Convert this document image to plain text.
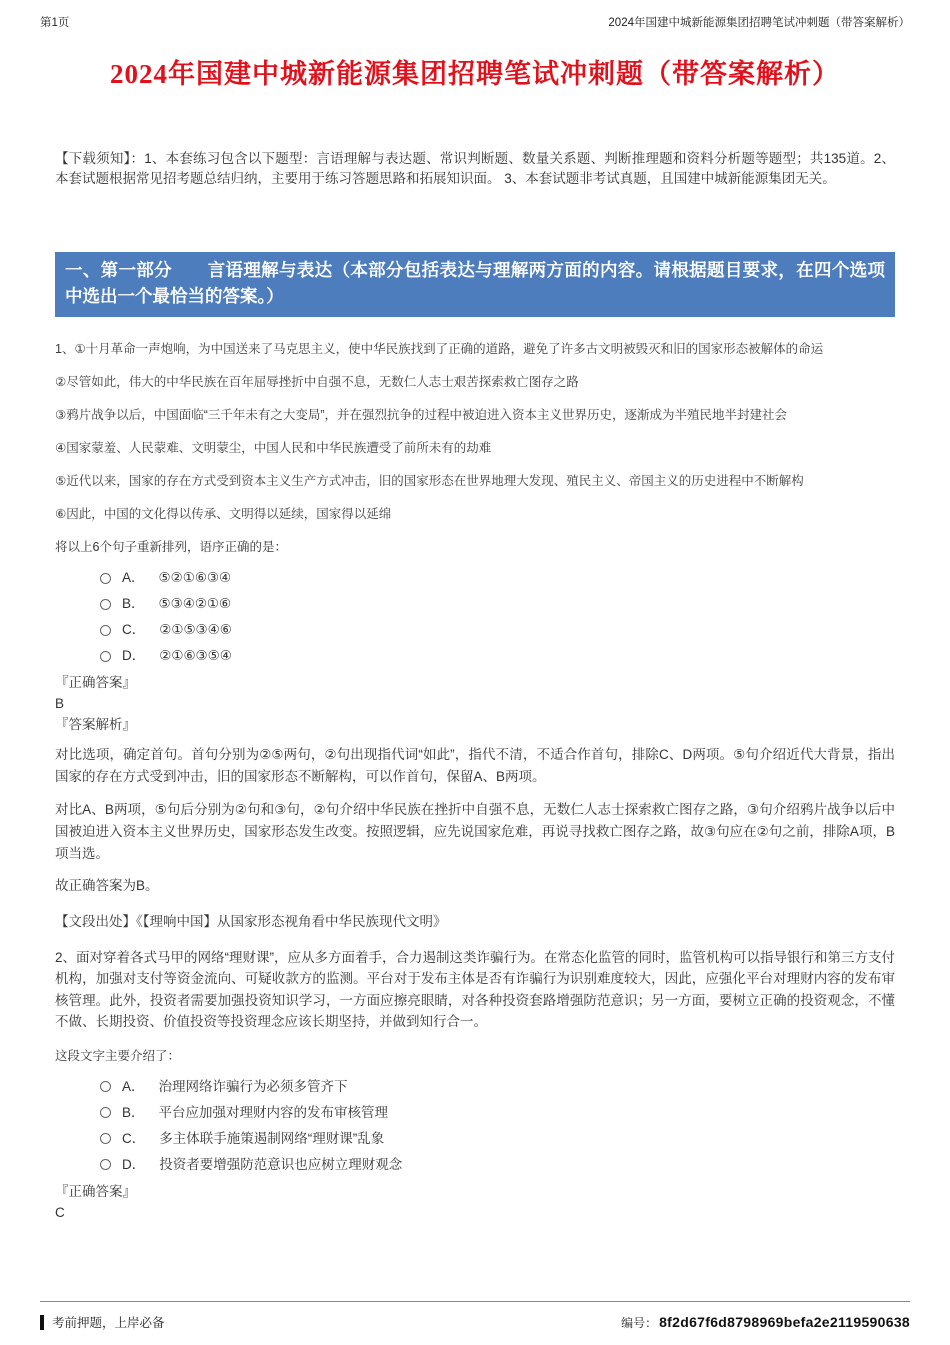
第1页	2024年国建中城新能源集团招聘笔试冲刺题（带答案解析）
2024年国建中城新能源集团招聘笔试冲刺题（带答案解析）

【下载须知】：1、本套练习包含以下题型：言语理解与表达题、常识判断题、数量关系题、判断推理题和资料分析题等题型；共135道。2、本套试题根据常见招考题总结归纳，主要用于练习答题思路和拓展知识面。 3、本套试题非考试真题，且国建中城新能源集团无关。

一、第一部分　　言语理解与表达（本部分包括表达与理解两方面的内容。请根据题目要求，在四个选项中选出一个最恰当的答案。）

1、①十月革命一声炮响，为中国送来了马克思主义，使中华民族找到了正确的道路，避免了许多古文明被毁灭和旧的国家形态被解体的命运

②尽管如此，伟大的中华民族在百年屈辱挫折中自强不息，无数仁人志士艰苦探索救亡图存之路

③鸦片战争以后，中国面临“三千年未有之大变局”，并在强烈抗争的过程中被迫进入资本主义世界历史，逐渐成为半殖民地半封建社会

④国家蒙羞、人民蒙难、文明蒙尘，中国人民和中华民族遭受了前所未有的劫难

⑤近代以来，国家的存在方式受到资本主义生产方式冲击，旧的国家形态在世界地理大发现、殖民主义、帝国主义的历史进程中不断解构

⑥因此，中国的文化得以传承、文明得以延续，国家得以延绵

将以上6个句子重新排列，语序正确的是：

A． ⑤②①⑥③④
B． ⑤③④②①⑥
C． ②①⑤③④⑥
D． ②①⑥③⑤④

『正确答案』

B

『答案解析』

对比选项，确定首句。首句分别为②⑤两句，②句出现指代词“如此”，指代不清，不适合作首句，排除C、D两项。⑤句介绍近代大背景，指出国家的存在方式受到冲击，旧的国家形态不断解构，可以作首句，保留A、B两项。

对比A、B两项，⑤句后分别为②句和③句，②句介绍中华民族在挫折中自强不息，无数仁人志士探索救亡图存之路，③句介绍鸦片战争以后中国被迫进入资本主义世界历史，国家形态发生改变。按照逻辑，应先说国家危难，再说寻找救亡图存之路，故③句应在②句之前，排除A项，B项当选。

故正确答案为B。

【文段出处】《【理响中国】从国家形态视角看中华民族现代文明》

2、面对穿着各式马甲的网络“理财课”，应从多方面着手，合力遏制这类诈骗行为。在常态化监管的同时，监管机构可以指导银行和第三方支付机构，加强对支付等资金流向、可疑收款方的监测。平台对于发布主体是否有诈骗行为识别难度较大，因此，应强化平台对理财内容的发布审核管理。此外，投资者需要加强投资知识学习，一方面应擦亮眼睛，对各种投资套路增强防范意识；另一方面，要树立正确的投资观念，不懂不做、长期投资、价值投资等投资理念应该长期坚持，并做到知行合一。

这段文字主要介绍了：

A． 治理网络诈骗行为必须多管齐下
B． 平台应加强对理财内容的发布审核管理
C． 多主体联手施策遏制网络“理财课”乱象
D． 投资者要增强防范意识也应树立理财观念

『正确答案』

C

考前押题，上岸必备	编号： 8f2d67f6d8798969befa2e2119590638
